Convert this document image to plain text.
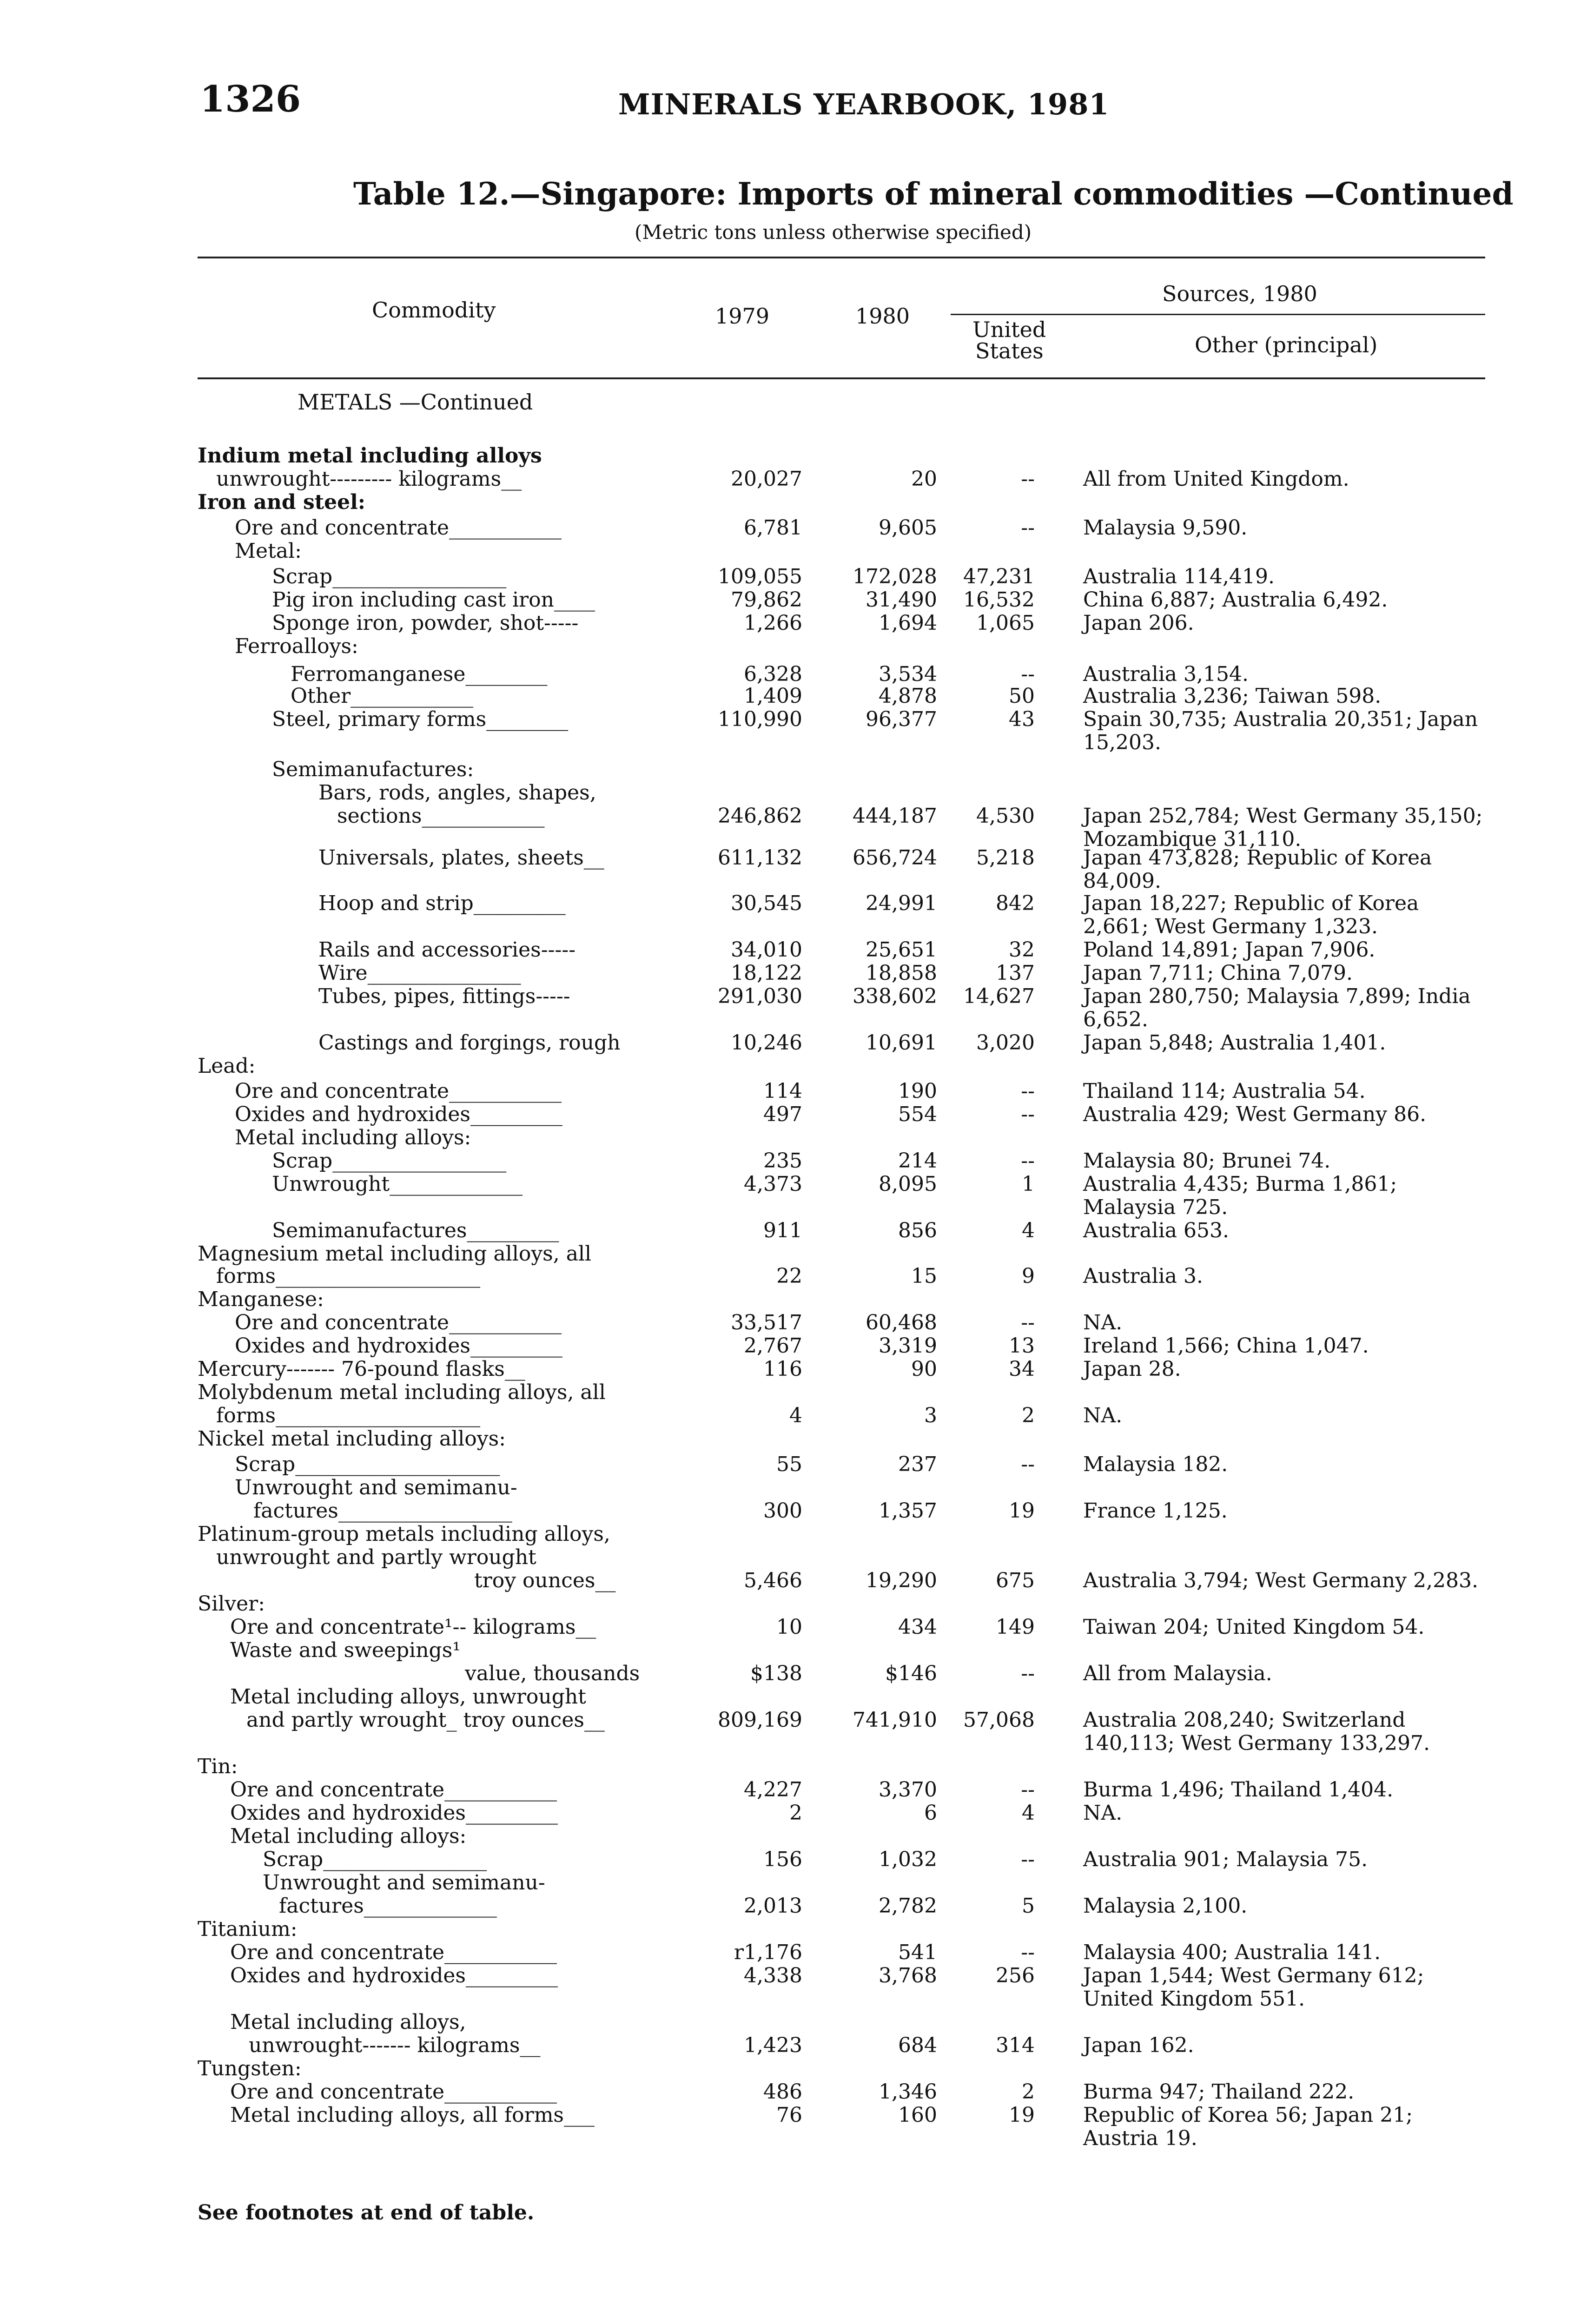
1326	MINERALS YEARBOOK, 1981
Table 12.—Singapore: Imports of mineral commodities —Continued
(Metric tons unless otherwise specified)
Commodity	1979	1980
Sources, 1980
United
States	Other (principal)
METALS —Continued
Indium metal including alloys
unwrought--------- kilograms__	20,027	20	-- All from United Kingdom.
Iron and steel:
Ore and concentrate___________	6,781	9,605	-- Malaysia 9,590.
Metal:
Scrap_________________	109,055 172,028 47,231 Australia 114,419.
Pig iron including cast iron____	79,862	31,490 16,532 China 6,887; Australia 6,492.
Sponge iron, powder, shot-----	1,266	1,694 1,065 Japan 206.
Ferroalloys:
Ferromanganese________	6,328	3,534	-- Australia 3,154.
Other____________	1,409	4,878	50 Australia 3,236; Taiwan 598.
Steel, primary forms________	110,990	96,377	43 Spain 30,735; Australia 20,351; Japan
15,203.
Semimanufactures:
Bars, rods, angles, shapes,
sections____________	246,862 444,187 4,530 Japan 252,784; West Germany 35,150;
Mozambique 31,110.
Universals, plates, sheets__	611,132 656,724 5,218 Japan 473,828; Republic of Korea
84,009.
Hoop and strip_________	30,545	24,991	842 Japan 18,227; Republic of Korea
2,661; West Germany 1,323.
Rails and accessories-----	34,010	25,651	32 Poland 14,891; Japan 7,906.
Wire_______________	18,122	18,858	137 Japan 7,711; China 7,079.
Tubes, pipes, fittings-----	291,030 338,602 14,627 Japan 280,750; Malaysia 7,899; India
6,652.
Castings and forgings, rough	10,246	10,691 3,020 Japan 5,848; Australia 1,401.
Lead:
Ore and concentrate___________	114	190	-- Thailand 114; Australia 54.
Oxides and hydroxides_________	497	554	-- Australia 429; West Germany 86.
Metal including alloys:
Scrap_________________	235	214	-- Malaysia 80; Brunei 74.
Unwrought_____________	4,373	8,095	1 Australia 4,435; Burma 1,861;
Malaysia 725.
Semimanufactures_________	911	856	4 Australia 653.
Magnesium metal including alloys, all
forms____________________	22	15	9 Australia 3.
Manganese:
Ore and concentrate___________	33,517	60,468	-- NA.
Oxides and hydroxides_________	2,767	3,319	13 Ireland 1,566; China 1,047.
Mercury------- 76-pound flasks__	116	90	34 Japan 28.
Molybdenum metal including alloys, all
forms____________________	4	3	2 NA.
Nickel metal including alloys:
Scrap____________________	55	237	-- Malaysia 182.
Unwrought and semimanu-
factures_________________	300	1,357	19 France 1,125.
Platinum-group metals including alloys,
unwrought and partly wrought
troy ounces__	5,466	19,290	675 Australia 3,794; West Germany 2,283.
Silver:
Ore and concentrate¹-- kilograms__	10	434	149 Taiwan 204; United Kingdom 54.
Waste and sweepings¹
value, thousands	$138	$146	-- All from Malaysia.
Metal including alloys, unwrought
and partly wrought_ troy ounces__	809,169 741,910 57,068 Australia 208,240; Switzerland
140,113; West Germany 133,297.
Tin:
Ore and concentrate___________	4,227	3,370	-- Burma 1,496; Thailand 1,404.
Oxides and hydroxides_________	2	6	4 NA.
Metal including alloys:
Scrap________________	156	1,032	-- Australia 901; Malaysia 75.
Unwrought and semimanu-
factures_____________	2,013	2,782	5 Malaysia 2,100.
Titanium:
Ore and concentrate___________	r1,176	541	-- Malaysia 400; Australia 141.
Oxides and hydroxides_________	4,338	3,768	256 Japan 1,544; West Germany 612;
United Kingdom 551.
Metal including alloys,
unwrought------- kilograms__	1,423	684	314 Japan 162.
Tungsten:
Ore and concentrate___________	486	1,346	2 Burma 947; Thailand 222.
Metal including alloys, all forms___	76	160	19 Republic of Korea 56; Japan 21;
Austria 19.
See footnotes at end of table.
